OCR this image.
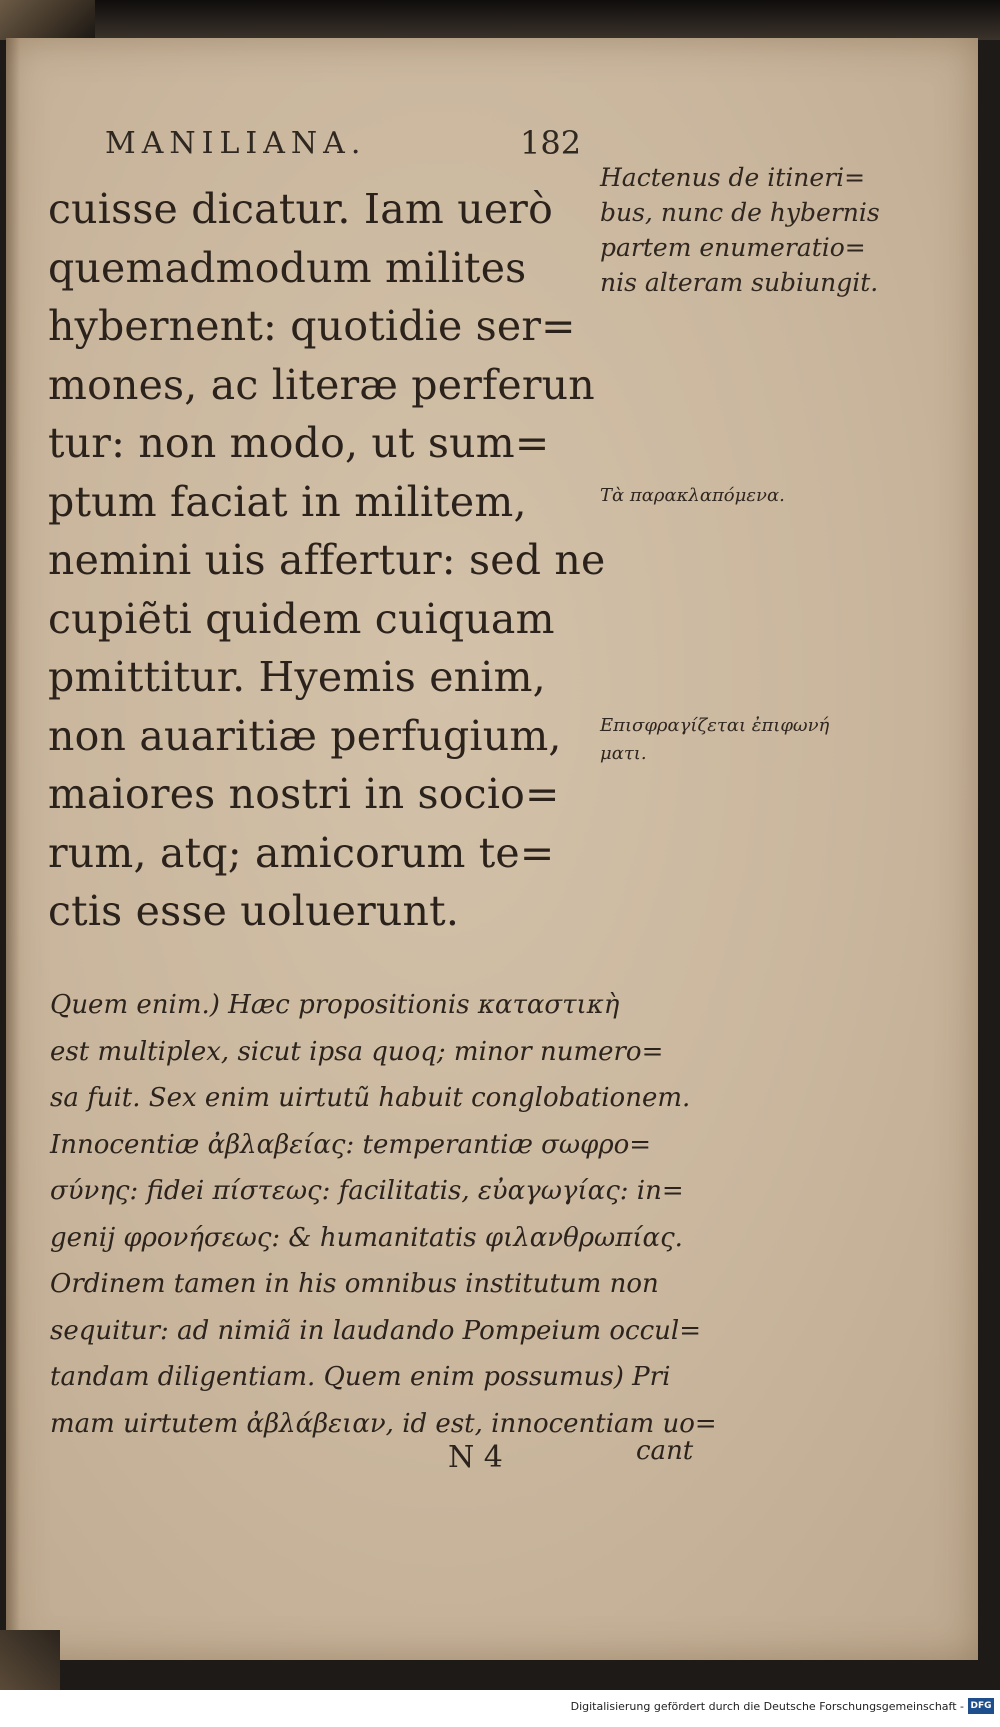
MANILIANA.	182
cuisse dicatur. Iam uerò
quemadmodum milites
hybernent: quotidie ser=
mones, ac literæ perferun
tur: non modo, ut sum=
ptum faciat in militem,
nemini uis affertur: sed ne
cupiẽti quidem cuiquam
pmittitur. Hyemis enim,
non auaritiæ perfugium,
maiores nostri in socio=
rum, atq; amicorum te=
ctis esse uoluerunt.
Hactenus de itineri=
bus, nunc de hybernis
partem enumeratio=
nis alteram subiungit.
Τὰ παρακλαπόμενα.
Επισφραγίζεται ἐπιφωνή
ματι.
Quem enim.) Hæc propositionis καταστικὴ
est multiplex, sicut ipsa quoq; minor numero=
sa fuit. Sex enim uirtutũ habuit conglobationem.
Innocentiæ ἀβλαβείας: temperantiæ σωφρο=
σύνης: fidei πίστεως: facilitatis, εὐαγωγίας: in=
genij φρονήσεως: & humanitatis φιλανθρωπίας.
Ordinem tamen in his omnibus institutum non
sequitur: ad nimiã in laudando Pompeium occul=
tandam diligentiam. Quem enim possumus) Pri
mam uirtutem ἀβλάβειαν, id est, innocentiam uo=
N 4	cant
Digitalisierung gefördert durch die Deutsche Forschungsgemeinschaft - DFG
